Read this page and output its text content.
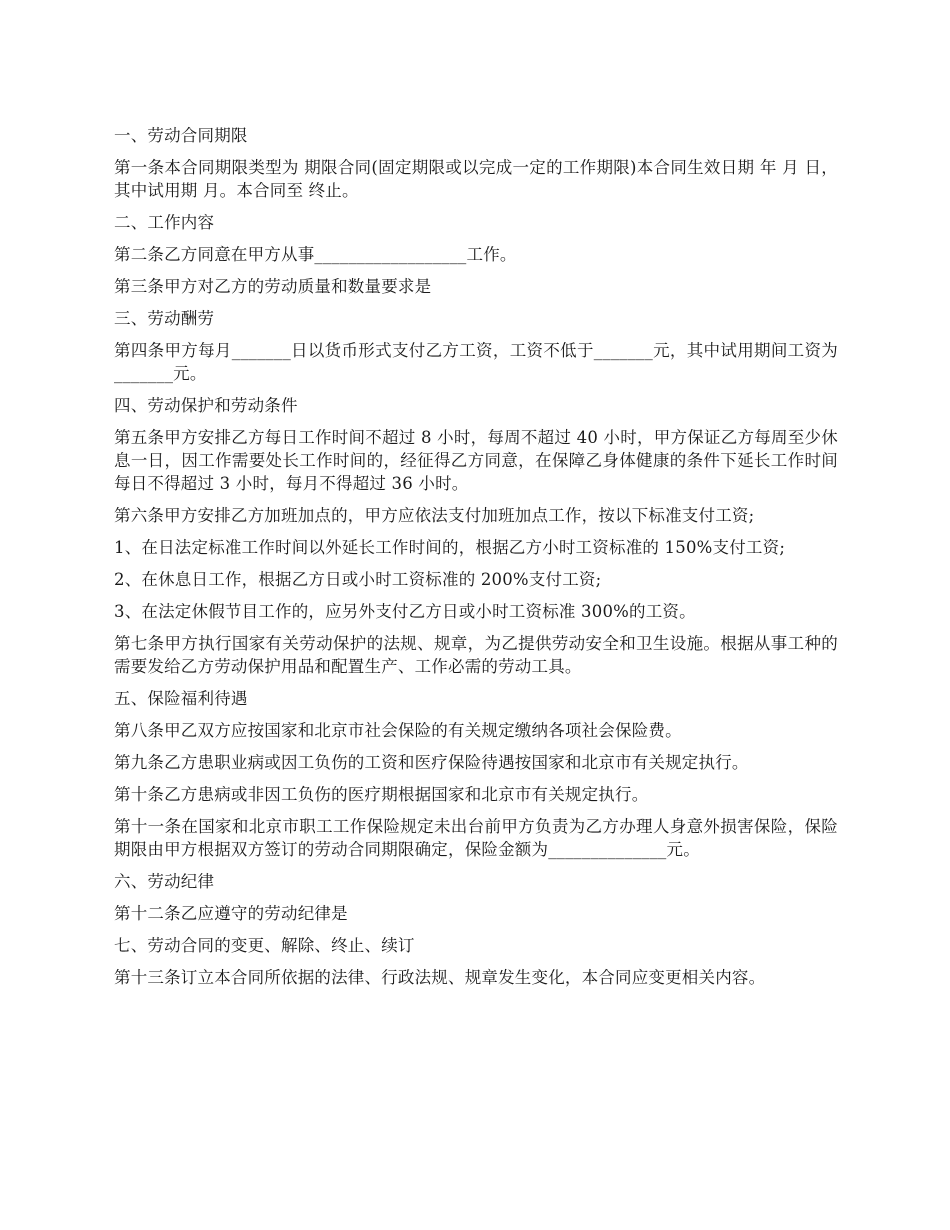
一、劳动合同期限

第一条本合同期限类型为 期限合同(固定期限或以完成一定的工作期限)本合同生效日期 年 月 日，其中试用期 月。本合同至 终止。

二、工作内容

第二条乙方同意在甲方从事__________________工作。

第三条甲方对乙方的劳动质量和数量要求是

三、劳动酬劳

第四条甲方每月_______日以货币形式支付乙方工资，工资不低于_______元，其中试用期间工资为_______元。

四、劳动保护和劳动条件

第五条甲方安排乙方每日工作时间不超过 8 小时，每周不超过 40 小时，甲方保证乙方每周至少休息一日，因工作需要处长工作时间的，经征得乙方同意，在保障乙身体健康的条件下延长工作时间每日不得超过 3 小时，每月不得超过 36 小时。

第六条甲方安排乙方加班加点的，甲方应依法支付加班加点工作，按以下标准支付工资;

1、在日法定标准工作时间以外延长工作时间的，根据乙方小时工资标准的 150%支付工资;

2、在休息日工作，根据乙方日或小时工资标准的 200%支付工资;

3、在法定休假节目工作的，应另外支付乙方日或小时工资标准 300%的工资。

第七条甲方执行国家有关劳动保护的法规、规章，为乙提供劳动安全和卫生设施。根据从事工种的需要发给乙方劳动保护用品和配置生产、工作必需的劳动工具。

五、保险福利待遇

第八条甲乙双方应按国家和北京市社会保险的有关规定缴纳各项社会保险费。

第九条乙方患职业病或因工负伤的工资和医疗保险待遇按国家和北京市有关规定执行。

第十条乙方患病或非因工负伤的医疗期根据国家和北京市有关规定执行。

第十一条在国家和北京市职工工作保险规定未出台前甲方负责为乙方办理人身意外损害保险，保险期限由甲方根据双方签订的劳动合同期限确定，保险金额为______________元。

六、劳动纪律

第十二条乙应遵守的劳动纪律是

七、劳动合同的变更、解除、终止、续订

第十三条订立本合同所依据的法律、行政法规、规章发生变化，本合同应变更相关内容。
